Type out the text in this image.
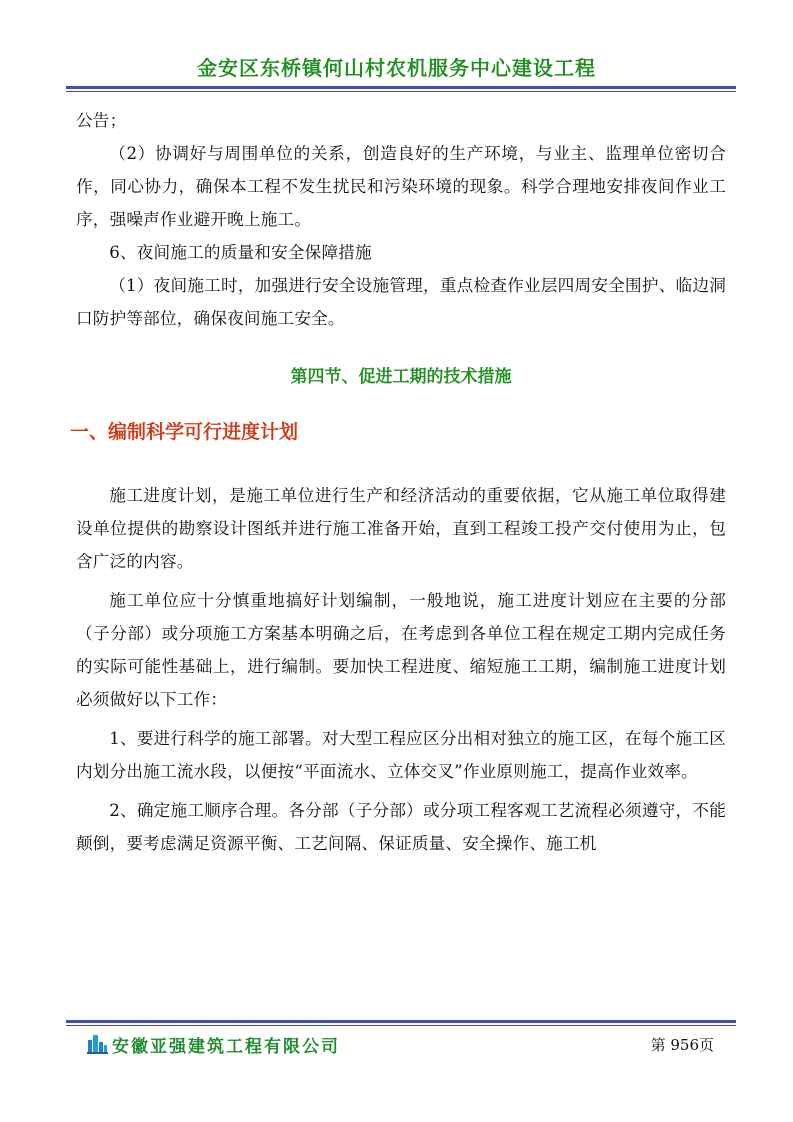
金安区东桥镇何山村农机服务中心建设工程

公告；

（2）协调好与周围单位的关系，创造良好的生产环境，与业主、监理单位密切合作，同心协力，确保本工程不发生扰民和污染环境的现象。科学合理地安排夜间作业工序，强噪声作业避开晚上施工。

6、夜间施工的质量和安全保障措施

（1）夜间施工时，加强进行安全设施管理，重点检查作业层四周安全围护、临边洞口防护等部位，确保夜间施工安全。

第四节、促进工期的技术措施
一、编制科学可行进度计划

施工进度计划，是施工单位进行生产和经济活动的重要依据，它从施工单位取得建设单位提供的勘察设计图纸并进行施工准备开始，直到工程竣工投产交付使用为止，包含广泛的内容。

施工单位应十分慎重地搞好计划编制，一般地说，施工进度计划应在主要的分部（子分部）或分项施工方案基本明确之后，在考虑到各单位工程在规定工期内完成任务的实际可能性基础上，进行编制。要加快工程进度、缩短施工工期，编制施工进度计划必须做好以下工作：

1、要进行科学的施工部署。对大型工程应区分出相对独立的施工区，在每个施工区内划分出施工流水段，以便按“平面流水、立体交叉”作业原则施工，提高作业效率。

2、确定施工顺序合理。各分部（子分部）或分项工程客观工艺流程必须遵守，不能颠倒，要考虑满足资源平衡、工艺间隔、保证质量、安全操作、施工机

安徽亚强建筑工程有限公司	第 956页
